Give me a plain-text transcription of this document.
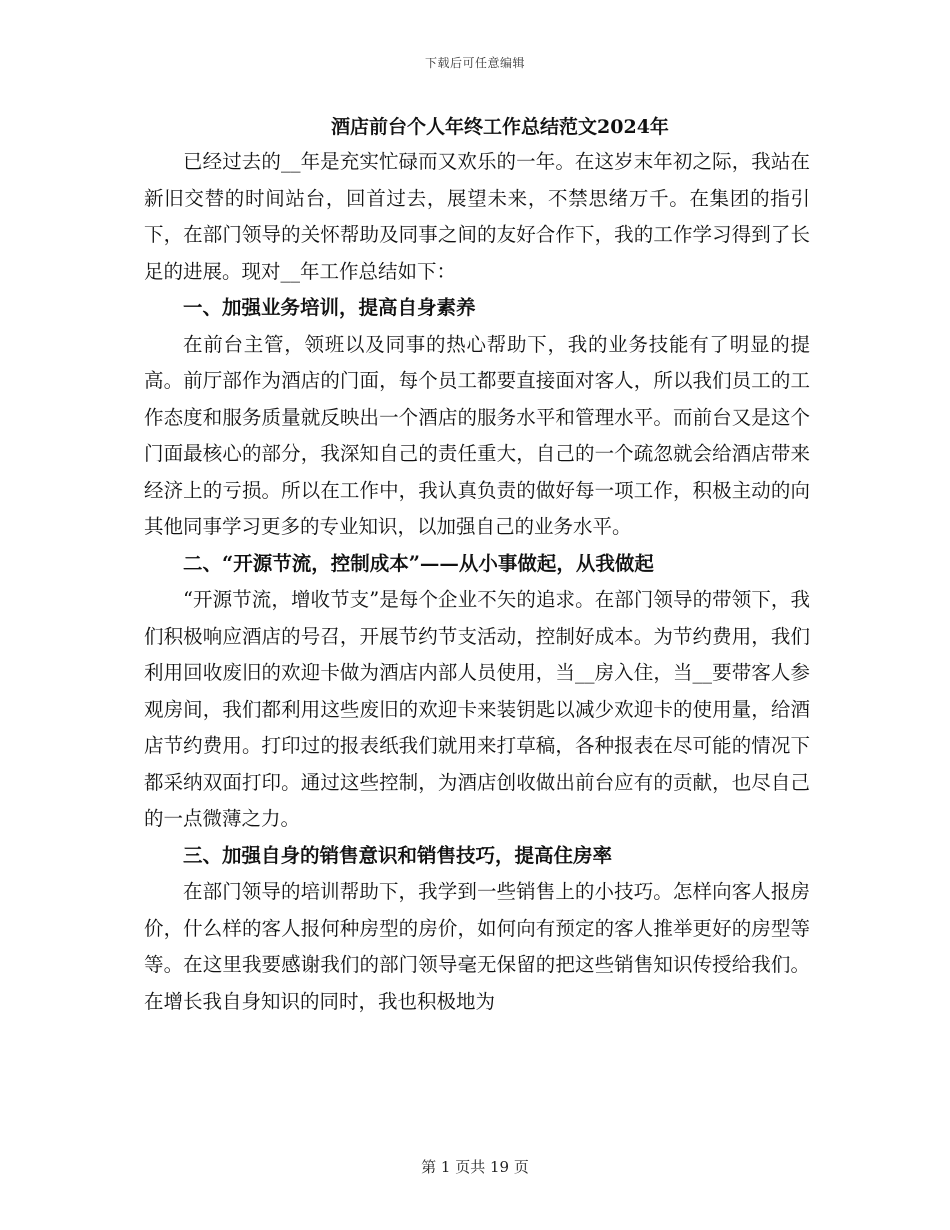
下载后可任意编辑
酒店前台个人年终工作总结范文2024年

已经过去的__年是充实忙碌而又欢乐的一年。在这岁末年初之际，我站在新旧交替的时间站台，回首过去，展望未来，不禁思绪万千。在集团的指引下，在部门领导的关怀帮助及同事之间的友好合作下，我的工作学习得到了长足的进展。现对__年工作总结如下：

一、加强业务培训，提高自身素养

在前台主管，领班以及同事的热心帮助下，我的业务技能有了明显的提高。前厅部作为酒店的门面，每个员工都要直接面对客人，所以我们员工的工作态度和服务质量就反映出一个酒店的服务水平和管理水平。而前台又是这个门面最核心的部分，我深知自己的责任重大，自己的一个疏忽就会给酒店带来经济上的亏损。所以在工作中，我认真负责的做好每一项工作，积极主动的向其他同事学习更多的专业知识，以加强自己的业务水平。

二、“开源节流，控制成本”——从小事做起，从我做起

“开源节流，增收节支”是每个企业不矢的追求。在部门领导的带领下，我们积极响应酒店的号召，开展节约节支活动，控制好成本。为节约费用，我们利用回收废旧的欢迎卡做为酒店内部人员使用，当__房入住，当__要带客人参观房间，我们都利用这些废旧的欢迎卡来装钥匙以减少欢迎卡的使用量，给酒店节约费用。打印过的报表纸我们就用来打草稿，各种报表在尽可能的情况下都采纳双面打印。通过这些控制，为酒店创收做出前台应有的贡献，也尽自己的一点微薄之力。

三、加强自身的销售意识和销售技巧，提高住房率

在部门领导的培训帮助下，我学到一些销售上的小技巧。怎样向客人报房价，什么样的客人报何种房型的房价，如何向有预定的客人推举更好的房型等等。在这里我要感谢我们的部门领导毫无保留的把这些销售知识传授给我们。在增长我自身知识的同时，我也积极地为

第 1 页共 19 页
